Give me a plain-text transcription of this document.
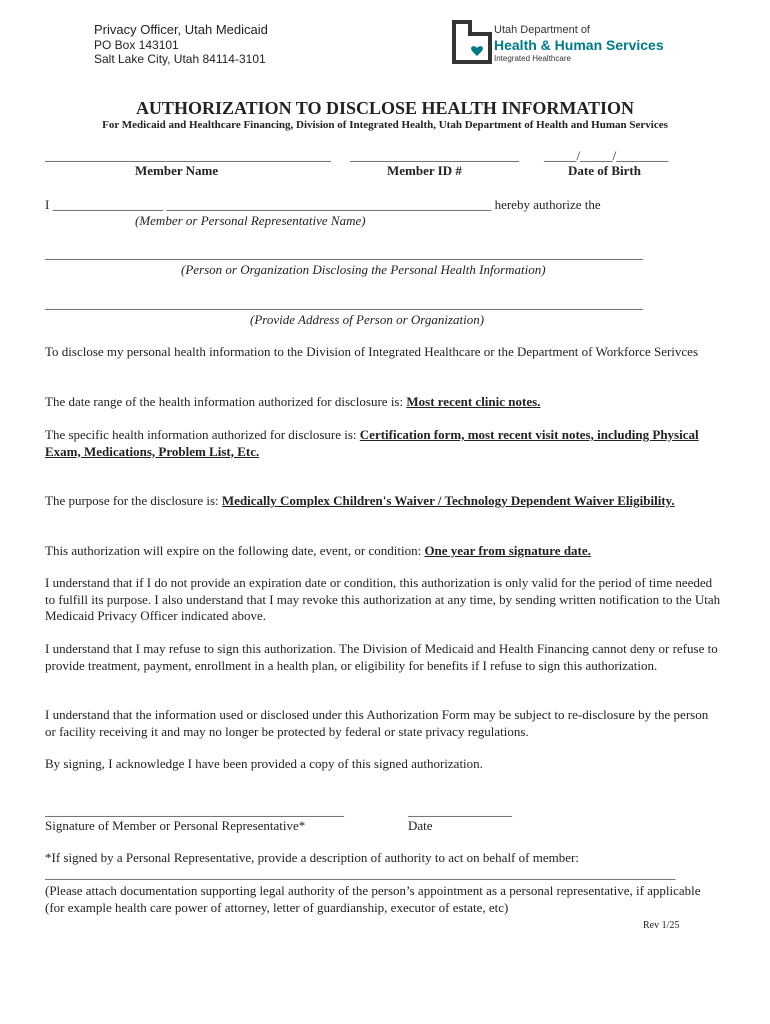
Privacy Officer, Utah Medicaid
PO Box 143101
Salt Lake City, Utah 84114-3101
Utah Department of
Health & Human Services
Integrated Healthcare
AUTHORIZATION TO DISCLOSE HEALTH INFORMATION
For Medicaid and Healthcare Financing, Division of Integrated Health, Utah Department of Health and Human Services
____________________________________________ __________________________ _____/_____/________
Member Name	Member ID #	Date of Birth
I _________________ __________________________________________________ hereby authorize the
(Member or Personal Representative Name)
____________________________________________________________________________________________
(Person or Organization Disclosing the Personal Health Information)
____________________________________________________________________________________________
(Provide Address of Person or Organization)
To disclose my personal health information to the Division of Integrated Healthcare or the Department of Workforce Serivces
The date range of the health information authorized for disclosure is: Most recent clinic notes.
The specific health information authorized for disclosure is: Certification form, most recent visit notes, including Physical Exam, Medications, Problem List, Etc.
The purpose for the disclosure is: Medically Complex Children's Waiver / Technology Dependent Waiver Eligibility.
This authorization will expire on the following date, event, or condition: One year from signature date.
I understand that if I do not provide an expiration date or condition, this authorization is only valid for the period of time needed to fulfill its purpose. I also understand that I may revoke this authorization at any time, by sending written notification to the Utah Medicaid Privacy Officer indicated above.
I understand that I may refuse to sign this authorization. The Division of Medicaid and Health Financing cannot deny or refuse to provide treatment, payment, enrollment in a health plan, or eligibility for benefits if I refuse to sign this authorization.
I understand that the information used or disclosed under this Authorization Form may be subject to re-disclosure by the person or facility receiving it and may no longer be protected by federal or state privacy regulations.
By signing, I acknowledge I have been provided a copy of this signed authorization.
______________________________________________	________________
Signature of Member or Personal Representative*	Date
*If signed by a Personal Representative, provide a description of authority to act on behalf of member:
_________________________________________________________________________________________________
(Please attach documentation supporting legal authority of the person’s appointment as a personal representative, if applicable (for example health care power of attorney, letter of guardianship, executor of estate, etc)
Rev 1/25
